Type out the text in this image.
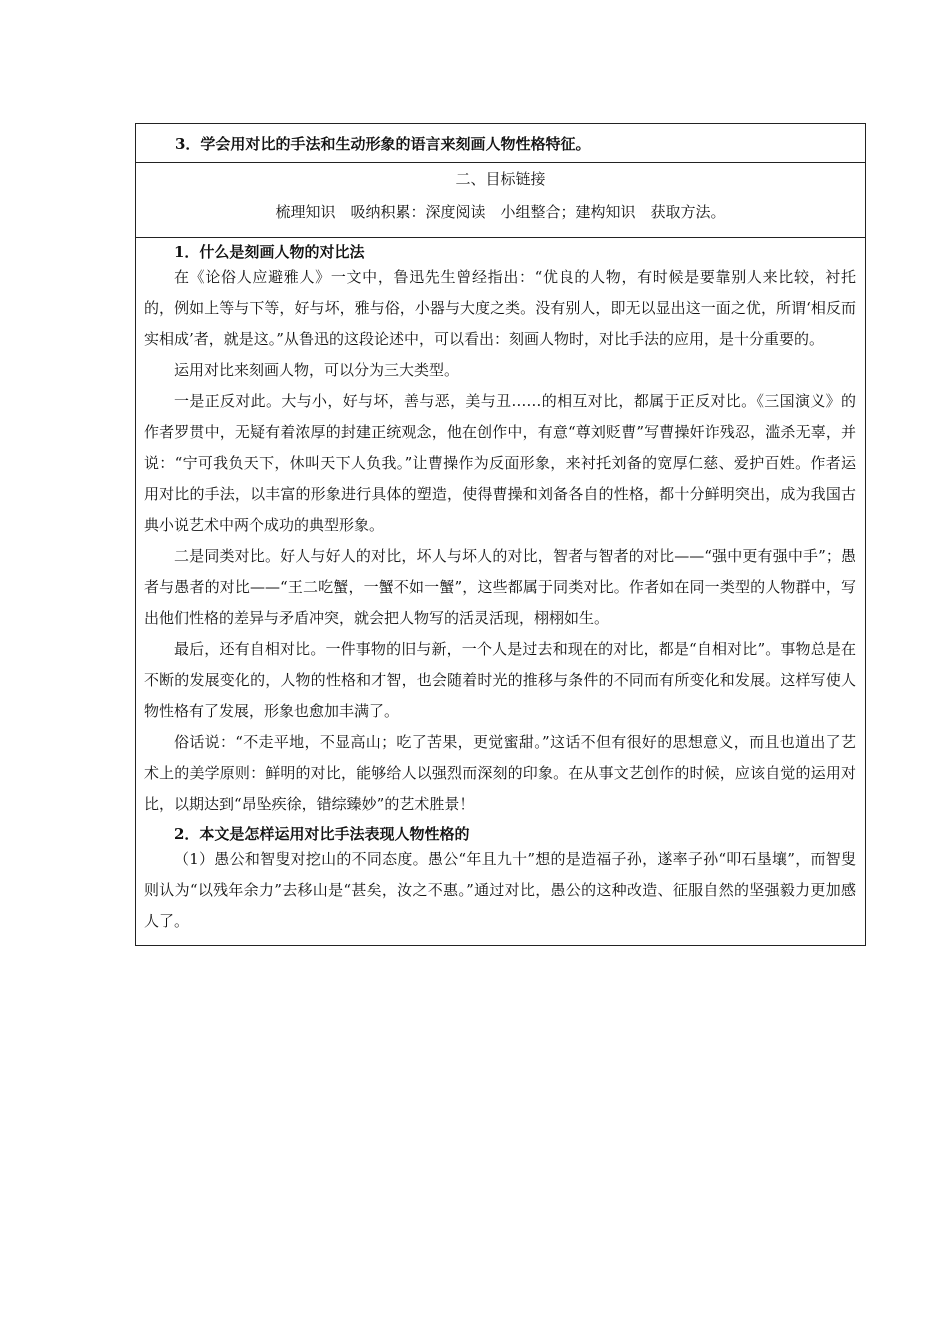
3．学会用对比的手法和生动形象的语言来刻画人物性格特征。
二、目标链接
梳理知识　吸纳积累：深度阅读　小组整合；建构知识　获取方法。

1．什么是刻画人物的对比法

在《论俗人应避雅人》一文中，鲁迅先生曾经指出：“优良的人物，有时候是要靠别人来比较，衬托的，例如上等与下等，好与坏，雅与俗，小器与大度之类。没有别人，即无以显出这一面之优，所谓‘相反而实相成’者，就是这。”从鲁迅的这段论述中，可以看出：刻画人物时，对比手法的应用，是十分重要的。

运用对比来刻画人物，可以分为三大类型。

一是正反对此。大与小，好与坏，善与恶，美与丑……的相互对比，都属于正反对比。《三国演义》的作者罗贯中，无疑有着浓厚的封建正统观念，他在创作中，有意“尊刘贬曹”写曹操奸诈残忍，滥杀无辜，并说：“宁可我负天下，休叫天下人负我。”让曹操作为反面形象，来衬托刘备的宽厚仁慈、爱护百姓。作者运用对比的手法，以丰富的形象进行具体的塑造，使得曹操和刘备各自的性格，都十分鲜明突出，成为我国古典小说艺术中两个成功的典型形象。

二是同类对比。好人与好人的对比，坏人与坏人的对比，智者与智者的对比——“强中更有强中手”；愚者与愚者的对比——“王二吃蟹，一蟹不如一蟹”，这些都属于同类对比。作者如在同一类型的人物群中，写出他们性格的差异与矛盾冲突，就会把人物写的活灵活现，栩栩如生。

最后，还有自相对比。一件事物的旧与新，一个人是过去和现在的对比，都是“自相对比”。事物总是在不断的发展变化的，人物的性格和才智，也会随着时光的推移与条件的不同而有所变化和发展。这样写使人物性格有了发展，形象也愈加丰满了。

俗话说：“不走平地，不显高山；吃了苦果，更觉蜜甜。”这话不但有很好的思想意义，而且也道出了艺术上的美学原则：鲜明的对比，能够给人以强烈而深刻的印象。在从事文艺创作的时候，应该自觉的运用对比，以期达到“昂坠疾徐，错综臻妙”的艺术胜景！

2．本文是怎样运用对比手法表现人物性格的

（1）愚公和智叟对挖山的不同态度。愚公“年且九十”想的是造福子孙，遂率子孙“叩石垦壤”，而智叟则认为“以残年余力”去移山是“甚矣，汝之不惠。”通过对比，愚公的这种改造、征服自然的坚强毅力更加感人了。
